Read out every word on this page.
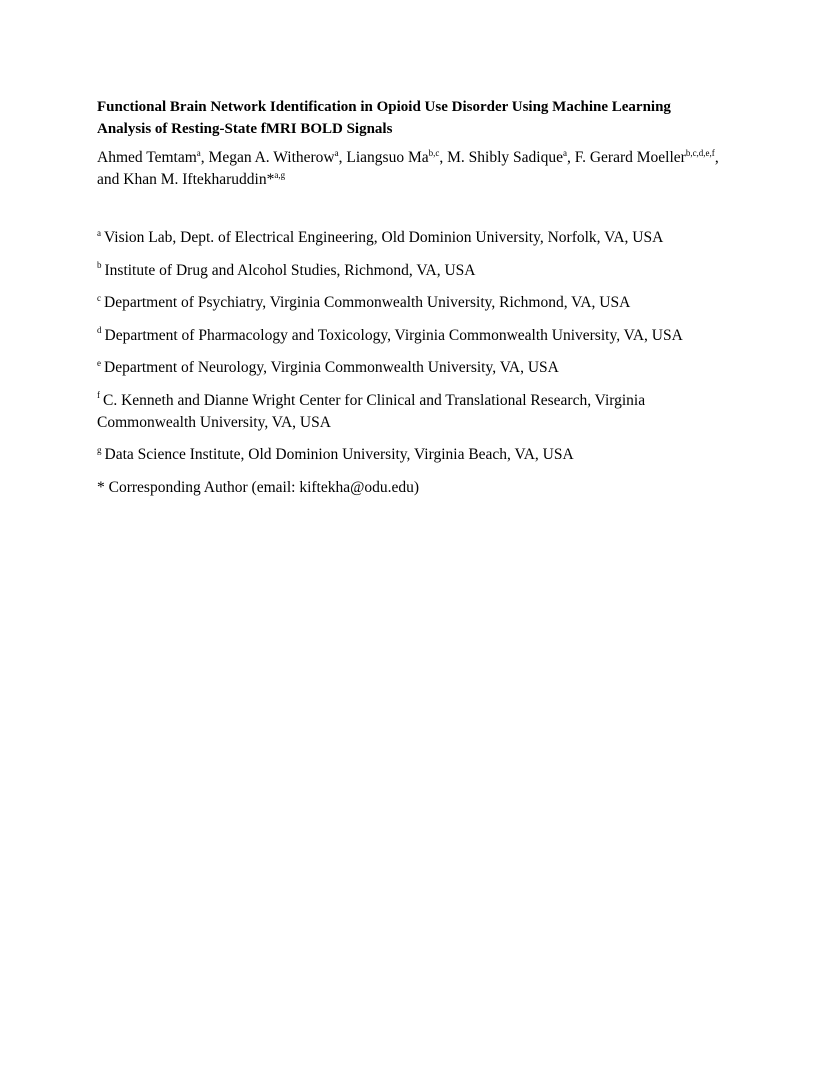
Functional Brain Network Identification in Opioid Use Disorder Using Machine Learning
Analysis of Resting-State fMRI BOLD Signals

Ahmed Temtam$^a$, Megan A. Witherow$^a$, Liangsuo Ma$^{b,c}$, M. Shibly Sadique$^a$, F. Gerard Moeller$^{b,c,d,e,f}$, and Khan M. Iftekharuddin*$^{a,g}$

$^a$ Vision Lab, Dept. of Electrical Engineering, Old Dominion University, Norfolk, VA, USA

$^b$ Institute of Drug and Alcohol Studies, Richmond, VA, USA

$^c$ Department of Psychiatry, Virginia Commonwealth University, Richmond, VA, USA

$^d$ Department of Pharmacology and Toxicology, Virginia Commonwealth University, VA, USA

$^e$ Department of Neurology, Virginia Commonwealth University, VA, USA

$^f$ C. Kenneth and Dianne Wright Center for Clinical and Translational Research, Virginia Commonwealth University, VA, USA

$^g$ Data Science Institute, Old Dominion University, Virginia Beach, VA, USA

* Corresponding Author (email: kiftekha@odu.edu)
